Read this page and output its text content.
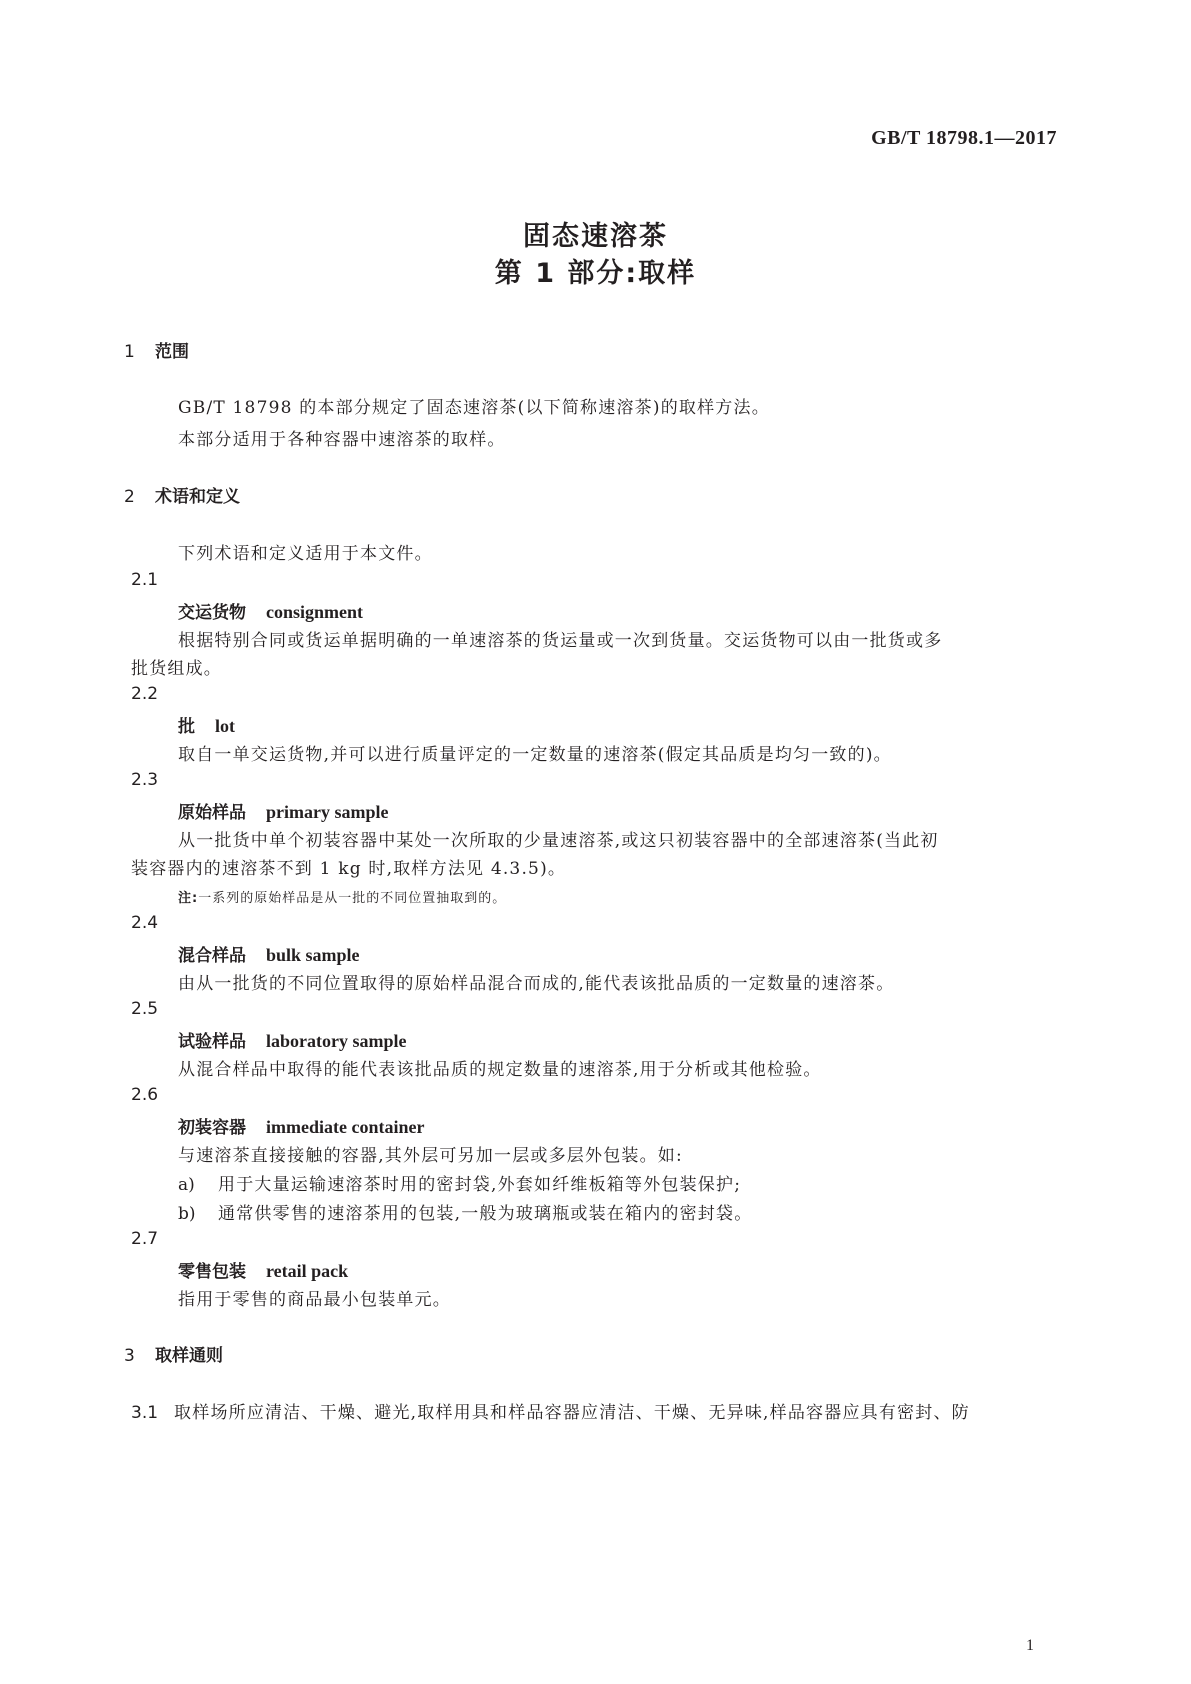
GB/T 18798.1—2017
固态速溶茶
第 1 部分:取样
1 范围
GB/T 18798 的本部分规定了固态速溶茶(以下简称速溶茶)的取样方法。
本部分适用于各种容器中速溶茶的取样。
2 术语和定义
下列术语和定义适用于本文件。
2.1
交运货物 consignment
根据特别合同或货运单据明确的一单速溶茶的货运量或一次到货量。交运货物可以由一批货或多
批货组成。
2.2
批 lot
取自一单交运货物,并可以进行质量评定的一定数量的速溶茶(假定其品质是均匀一致的)。
2.3
原始样品 primary sample
从一批货中单个初装容器中某处一次所取的少量速溶茶,或这只初装容器中的全部速溶茶(当此初
装容器内的速溶茶不到 1 kg 时,取样方法见 4.3.5)。
注:一系列的原始样品是从一批的不同位置抽取到的。
2.4
混合样品 bulk sample
由从一批货的不同位置取得的原始样品混合而成的,能代表该批品质的一定数量的速溶茶。
2.5
试验样品 laboratory sample
从混合样品中取得的能代表该批品质的规定数量的速溶茶,用于分析或其他检验。
2.6
初装容器 immediate container
与速溶茶直接接触的容器,其外层可另加一层或多层外包装。如:
a) 用于大量运输速溶茶时用的密封袋,外套如纤维板箱等外包装保护;
b) 通常供零售的速溶茶用的包装,一般为玻璃瓶或装在箱内的密封袋。
2.7
零售包装 retail pack
指用于零售的商品最小包装单元。
3 取样通则
3.1 取样场所应清洁、干燥、避光,取样用具和样品容器应清洁、干燥、无异味,样品容器应具有密封、防
1
